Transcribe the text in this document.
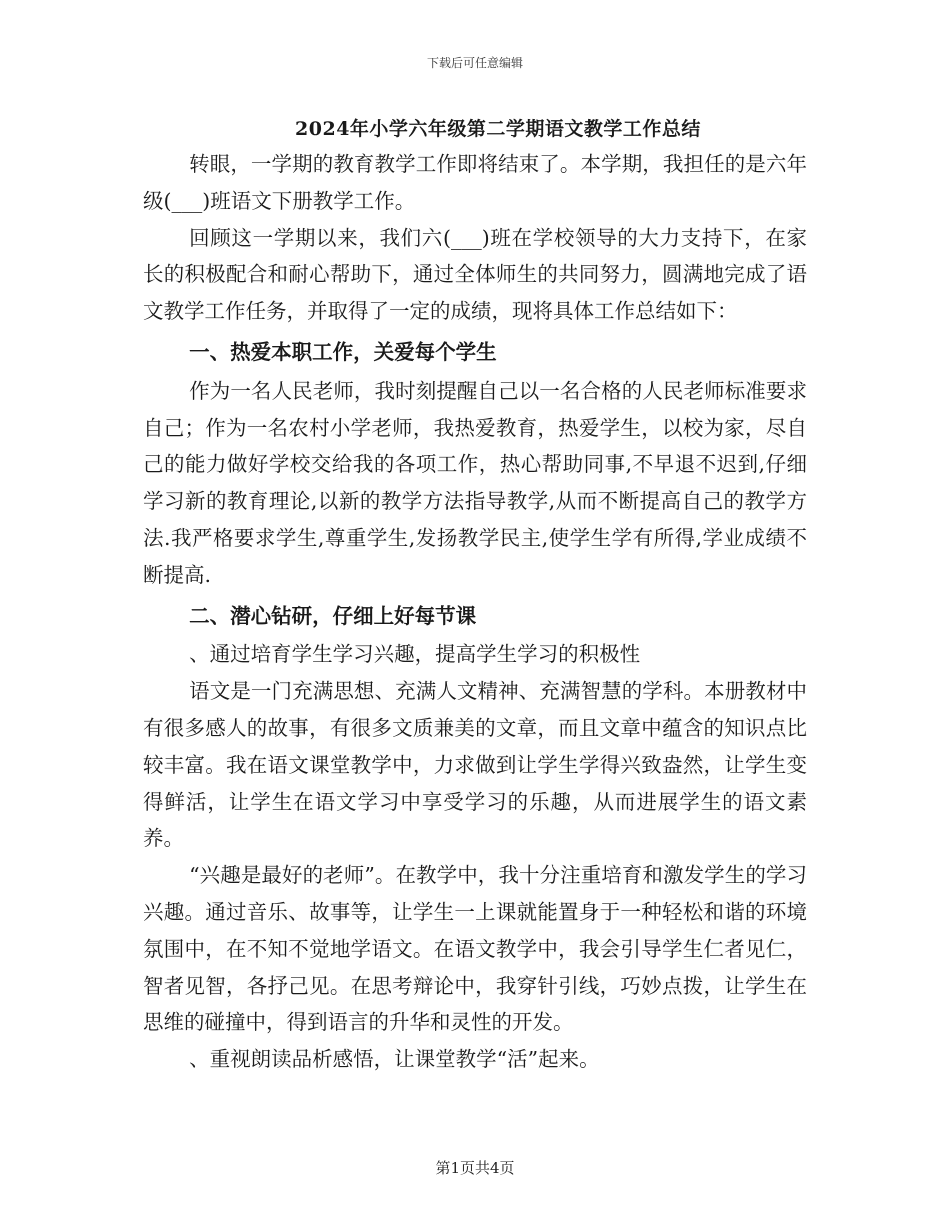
下载后可任意编辑
2024年小学六年级第二学期语文教学工作总结

转眼，一学期的教育教学工作即将结束了。本学期，我担任的是六年级(___)班语文下册教学工作。

回顾这一学期以来，我们六(___)班在学校领导的大力支持下，在家长的积极配合和耐心帮助下，通过全体师生的共同努力，圆满地完成了语文教学工作任务，并取得了一定的成绩，现将具体工作总结如下：

一、热爱本职工作，关爱每个学生

作为一名人民老师，我时刻提醒自己以一名合格的人民老师标准要求自己；作为一名农村小学老师，我热爱教育，热爱学生，以校为家，尽自己的能力做好学校交给我的各项工作，热心帮助同事,不早退不迟到,仔细学习新的教育理论,以新的教学方法指导教学,从而不断提高自己的教学方法.我严格要求学生,尊重学生,发扬教学民主,使学生学有所得,学业成绩不断提高.

二、潜心钻研，仔细上好每节课

、通过培育学生学习兴趣，提高学生学习的积极性

语文是一门充满思想、充满人文精神、充满智慧的学科。本册教材中有很多感人的故事，有很多文质兼美的文章，而且文章中蕴含的知识点比较丰富。我在语文课堂教学中，力求做到让学生学得兴致盎然，让学生变得鲜活，让学生在语文学习中享受学习的乐趣，从而进展学生的语文素养。

“兴趣是最好的老师”。在教学中，我十分注重培育和激发学生的学习兴趣。通过音乐、故事等，让学生一上课就能置身于一种轻松和谐的环境氛围中，在不知不觉地学语文。在语文教学中，我会引导学生仁者见仁，智者见智，各抒己见。在思考辩论中，我穿针引线，巧妙点拨，让学生在思维的碰撞中，得到语言的升华和灵性的开发。

、重视朗读品析感悟，让课堂教学“活”起来。

第1页共4页
